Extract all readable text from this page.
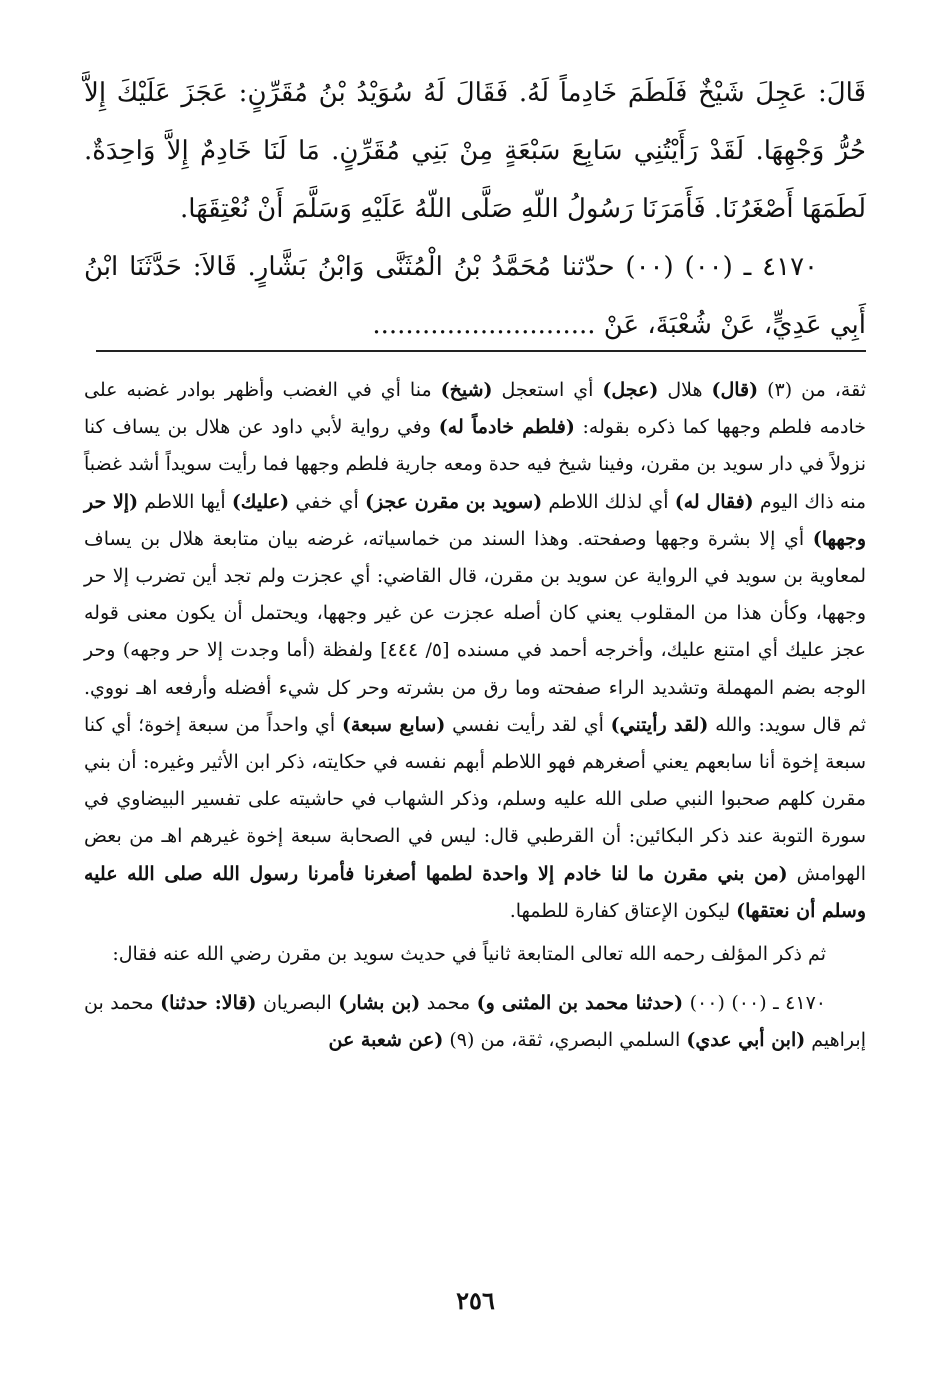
قَالَ: عَجِلَ شَيْخٌ فَلَطَمَ خَادِماً لَهُ. فَقَالَ لَهُ سُوَيْدُ بْنُ مُقَرِّنٍ: عَجَزَ عَلَيْكَ إِلاَّ حُرُّ وَجْهِهَا. لَقَدْ رَأَيْتُنِي سَابِعَ سَبْعَةٍ مِنْ بَنِي مُقَرِّنٍ. مَا لَنَا خَادِمٌ إِلاَّ وَاحِدَةٌ. لَطَمَهَا أَصْغَرُنَا. فَأَمَرَنَا رَسُولُ اللّهِ صَلَّى اللّهُ عَلَيْهِ وَسَلَّمَ أَنْ نُعْتِقَهَا.

٤١٧٠ ـ (٠٠) (٠٠) حدّثنا مُحَمَّدُ بْنُ الْمُثَنَّى وَابْنُ بَشَّارٍ. قَالاَ: حَدَّثَنَا ابْنُ أَبِي عَدِيٍّ، عَنْ شُعْبَةَ، عَنْ ...........................

ثقة، من (٣) (قال) هلال (عجل) أي استعجل (شيخ) منا أي في الغضب وأظهر بوادر غضبه على خادمه فلطم وجهها كما ذكره بقوله: (فلطم خادماً له) وفي رواية لأبي داود عن هلال بن يساف كنا نزولاً في دار سويد بن مقرن، وفينا شيخ فيه حدة ومعه جارية فلطم وجهها فما رأيت سويداً أشد غضباً منه ذاك اليوم (فقال له) أي لذلك اللاطم (سويد بن مقرن عجز) أي خفي (عليك) أيها اللاطم (إلا حر وجهها) أي إلا بشرة وجهها وصفحته. وهذا السند من خماسياته، غرضه بيان متابعة هلال بن يساف لمعاوية بن سويد في الرواية عن سويد بن مقرن، قال القاضي: أي عجزت ولم تجد أين تضرب إلا حر وجهها، وكأن هذا من المقلوب يعني كان أصله عجزت عن غير وجهها، ويحتمل أن يكون معنى قوله عجز عليك أي امتنع عليك، وأخرجه أحمد في مسنده [٥/ ٤٤٤] ولفظة (أما وجدت إلا حر وجهه) وحر الوجه بضم المهملة وتشديد الراء صفحته وما رق من بشرته وحر كل شيء أفضله وأرفعه اهـ نووي. ثم قال سويد: والله (لقد رأيتني) أي لقد رأيت نفسي (سابع سبعة) أي واحداً من سبعة إخوة؛ أي كنا سبعة إخوة أنا سابعهم يعني أصغرهم فهو اللاطم أبهم نفسه في حكايته، ذكر ابن الأثير وغيره: أن بني مقرن كلهم صحبوا النبي صلى الله عليه وسلم، وذكر الشهاب في حاشيته على تفسير البيضاوي في سورة التوبة عند ذكر البكائين: أن القرطبي قال: ليس في الصحابة سبعة إخوة غيرهم اهـ من بعض الهوامش (من بني مقرن ما لنا خادم إلا واحدة لطمها أصغرنا فأمرنا رسول الله صلى الله عليه وسلم أن نعتقها) ليكون الإعتاق كفارة للطمها.

ثم ذكر المؤلف رحمه الله تعالى المتابعة ثانياً في حديث سويد بن مقرن رضي الله عنه فقال:

٤١٧٠ ـ (٠٠) (٠٠) (حدثنا محمد بن المثنى و) محمد (بن بشار) البصريان (قالا: حدثنا) محمد بن إبراهيم (ابن أبي عدي) السلمي البصري، ثقة، من (٩) (عن شعبة عن

٢٥٦
